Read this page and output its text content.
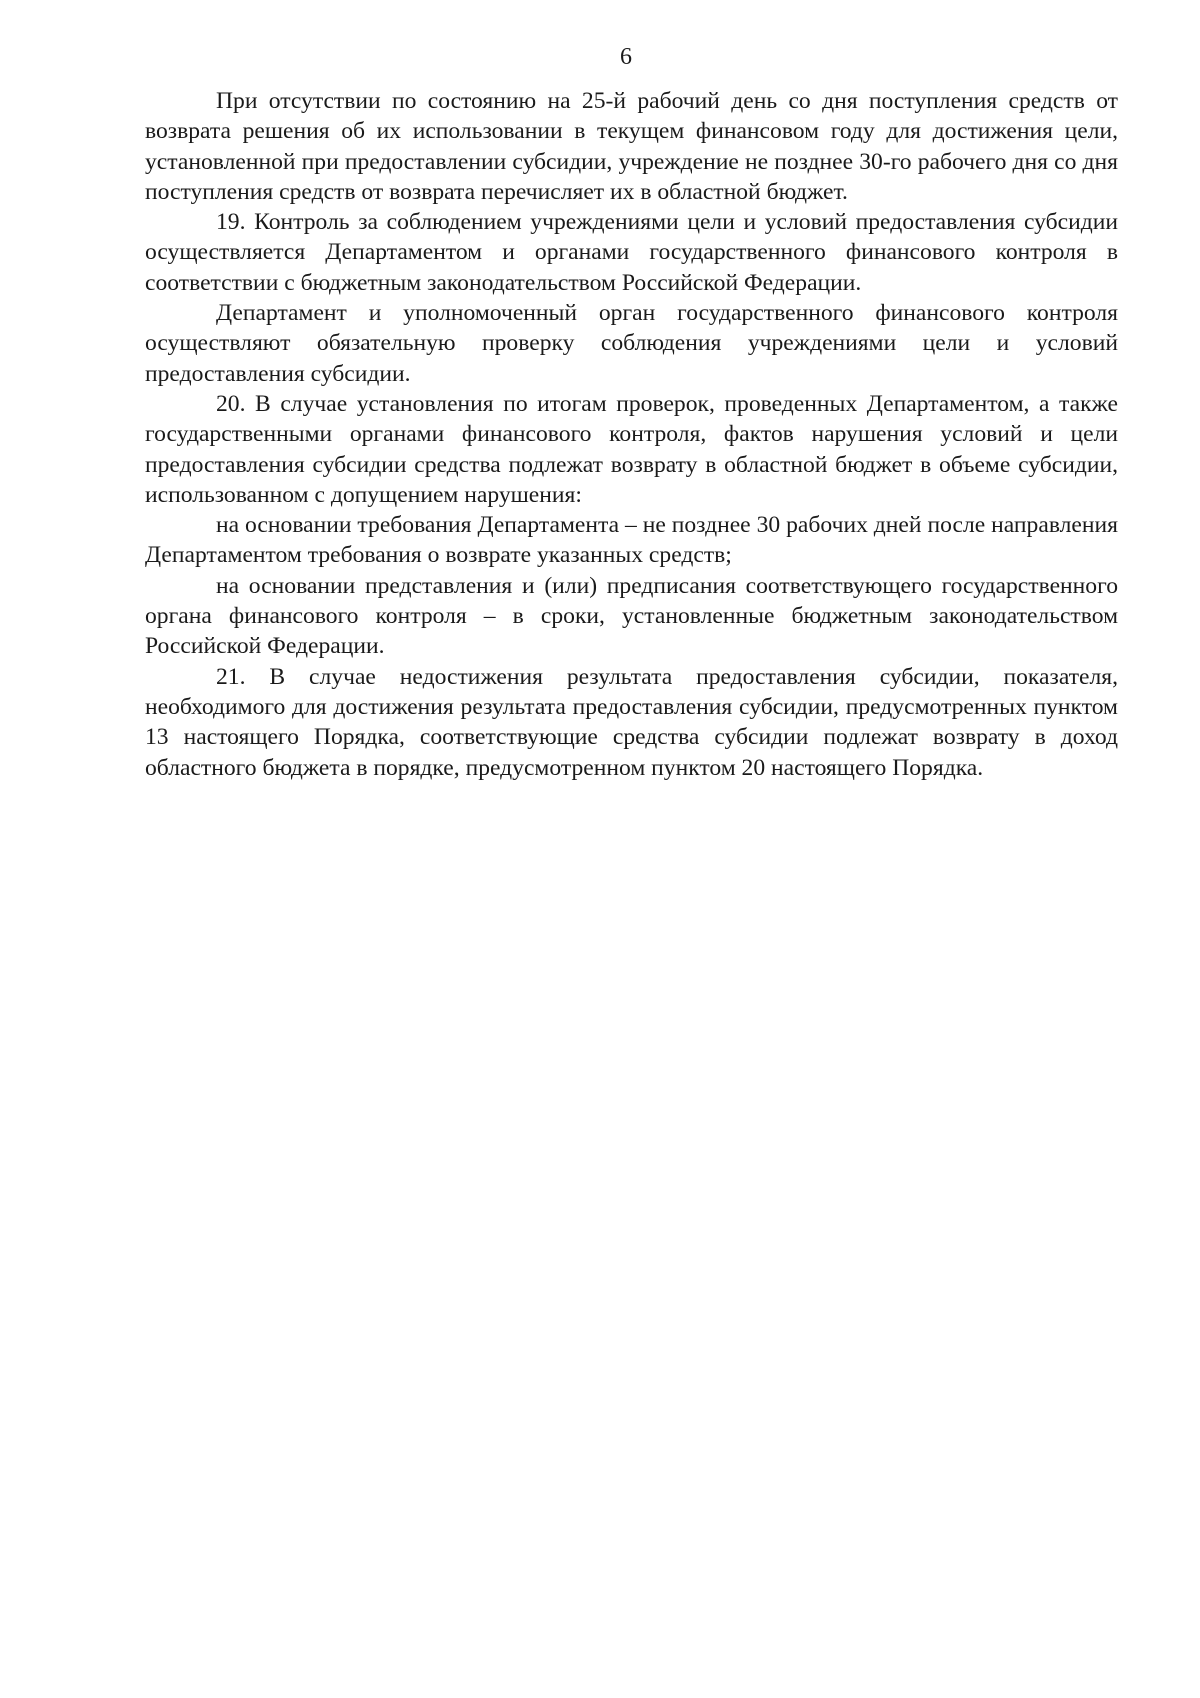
6

При отсутствии по состоянию на 25-й рабочий день со дня поступления средств от возврата решения об их использовании в текущем финансовом году для достижения цели, установленной при предоставлении субсидии, учреждение не позднее 30-го рабочего дня со дня поступления средств от возврата перечисляет их в областной бюджет.

19. Контроль за соблюдением учреждениями цели и условий предоставления субсидии осуществляется Департаментом и органами государственного финансового контроля в соответствии с бюджетным законодательством Российской Федерации.

Департамент и уполномоченный орган государственного финансового контроля осуществляют обязательную проверку соблюдения учреждениями цели и условий предоставления субсидии.

20. В случае установления по итогам проверок, проведенных Департаментом, а также государственными органами финансового контроля, фактов нарушения условий и цели предоставления субсидии средства подлежат возврату в областной бюджет в объеме субсидии, использованном с допущением нарушения:

на основании требования Департамента – не позднее 30 рабочих дней после направления Департаментом требования о возврате указанных средств;

на основании представления и (или) предписания соответствующего государственного органа финансового контроля – в сроки, установленные бюджетным законодательством Российской Федерации.

21. В случае недостижения результата предоставления субсидии, показателя, необходимого для достижения результата предоставления субсидии, предусмотренных пунктом 13 настоящего Порядка, соответствующие средства субсидии подлежат возврату в доход областного бюджета в порядке, предусмотренном пунктом 20 настоящего Порядка.
